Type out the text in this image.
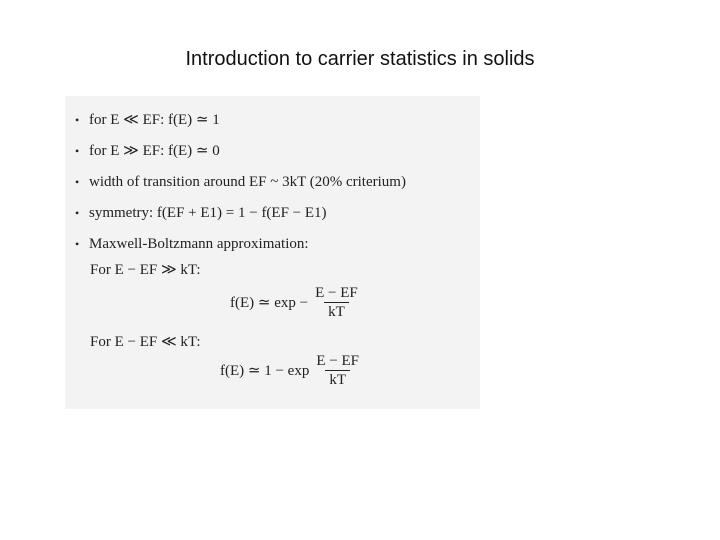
Introduction to carrier statistics in solids
• for E ≪ EF: f(E) ≃ 1
• for E ≫ EF: f(E) ≃ 0
• width of transition around EF ~ 3kT (20% criterium)
• symmetry: f(EF + E1) = 1 − f(EF − E1)
• Maxwell-Boltzmann approximation:
For E − EF ≫ kT:
f(E) ≃ $\exp - \frac{E - EF}{kT}$
For E − EF ≪ kT:
f(E) ≃ $1 - \exp \frac{E - EF}{kT}$
